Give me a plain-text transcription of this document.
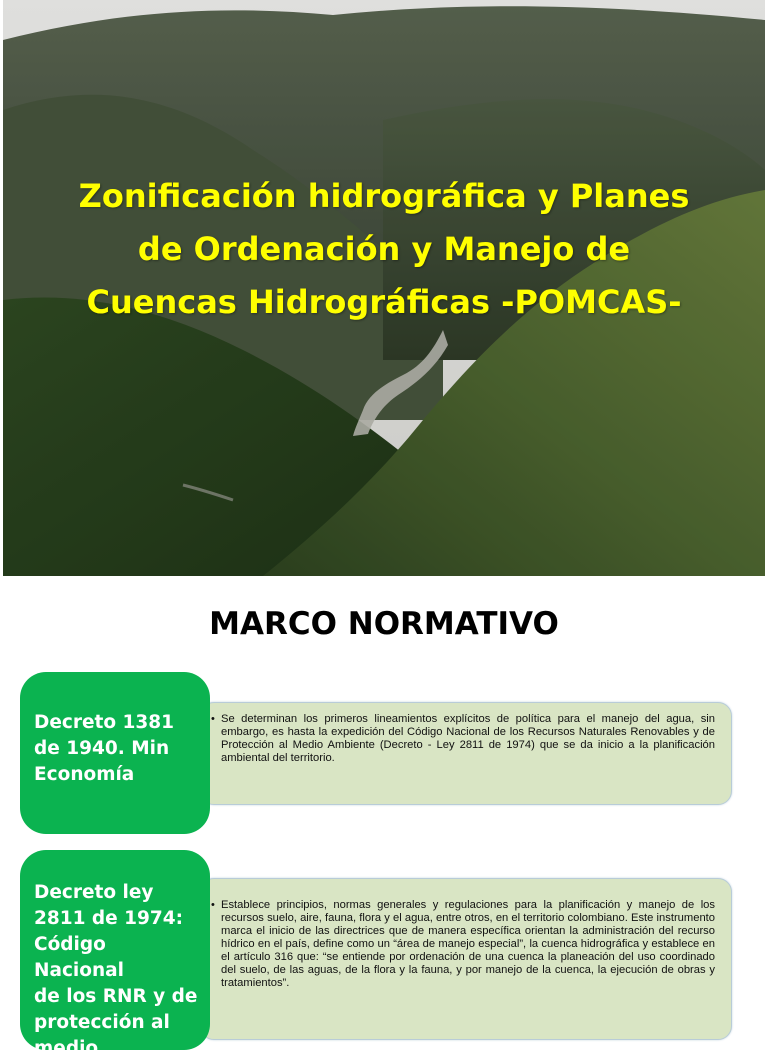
Zonificación hidrográfica y Planes
de Ordenación y Manejo de
Cuencas Hidrográficas -POMCAS-
MARCO NORMATIVO
• Se determinan los primeros lineamientos explícitos de política para el manejo del agua, sin embargo, es hasta la expedición del Código Nacional de los Recursos Naturales Renovables y de Protección al Medio Ambiente (Decreto - Ley 2811 de 1974) que se da inicio a la planificación ambiental del territorio.

Decreto 1381
de 1940. Min
Economía

• Establece principios, normas generales y regulaciones para la planificación y manejo de los recursos suelo, aire, fauna, flora y el agua, entre otros, en el territorio colombiano. Este instrumento marca el inicio de las directrices que de manera específica orientan la administración del recurso hídrico en el país, define como un “área de manejo especial”, la cuenca hidrográfica y establece en el artículo 316 que: “se entiende por ordenación de una cuenca la planeación del uso coordinado del suelo, de las aguas, de la flora y la fauna, y por manejo de la cuenca, la ejecución de obras y tratamientos”.

Decreto ley
2811 de 1974:
Código Nacional
de los RNR y de
protección al
medio
